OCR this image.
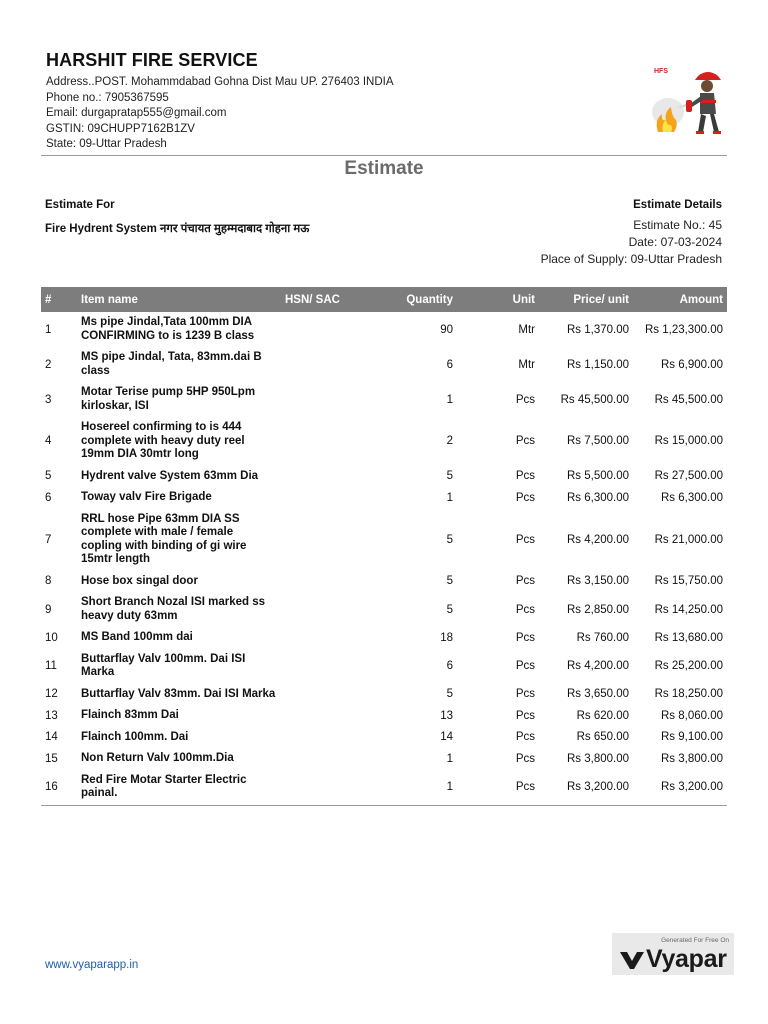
HARSHIT FIRE SERVICE
Address..POST. Mohammdabad Gohna Dist Mau UP. 276403 INDIA
Phone no.: 7905367595
Email: durgapratap555@gmail.com
GSTIN: 09CHUPP7162B1ZV
State: 09-Uttar Pradesh
HFS
Estimate
Estimate For
Fire Hydrent System नगर पंचायत मुहम्मदाबाद गोहना मऊ
Estimate Details
Estimate No.: 45
Date: 07-03-2024
Place of Supply: 09-Uttar Pradesh
#	Item name	HSN/ SAC	Quantity	Unit	Price/ unit	Amount
1	Ms pipe Jindal,Tata 100mm DIA CONFIRMING to is 1239 B class		90	Mtr	Rs 1,370.00	Rs 1,23,300.00
2	MS pipe Jindal, Tata, 83mm.dai B class		6	Mtr	Rs 1,150.00	Rs 6,900.00
3	Motar Terise pump 5HP 950Lpm kirloskar, ISI		1	Pcs	Rs 45,500.00	Rs 45,500.00
4	Hosereel confirming to is 444 complete with heavy duty reel 19mm DIA 30mtr long		2	Pcs	Rs 7,500.00	Rs 15,000.00
5	Hydrent valve System 63mm Dia		5	Pcs	Rs 5,500.00	Rs 27,500.00
6	Toway valv Fire Brigade		1	Pcs	Rs 6,300.00	Rs 6,300.00
7	RRL hose Pipe 63mm DIA SS complete with male / female copling with binding of gi wire 15mtr length		5	Pcs	Rs 4,200.00	Rs 21,000.00
8	Hose box singal door		5	Pcs	Rs 3,150.00	Rs 15,750.00
9	Short Branch Nozal ISI marked ss heavy duty 63mm		5	Pcs	Rs 2,850.00	Rs 14,250.00
10	MS Band 100mm dai		18	Pcs	Rs 760.00	Rs 13,680.00
11	Buttarflay Valv 100mm. Dai ISI Marka		6	Pcs	Rs 4,200.00	Rs 25,200.00
12	Buttarflay Valv 83mm. Dai ISI Marka		5	Pcs	Rs 3,650.00	Rs 18,250.00
13	Flainch 83mm Dai		13	Pcs	Rs 620.00	Rs 8,060.00
14	Flainch 100mm. Dai		14	Pcs	Rs 650.00	Rs 9,100.00
15	Non Return Valv 100mm.Dia		1	Pcs	Rs 3,800.00	Rs 3,800.00
16	Red Fire Motar Starter Electric painal.		1	Pcs	Rs 3,200.00	Rs 3,200.00
www.vyaparapp.in
Generated For Free On
Vyapar
